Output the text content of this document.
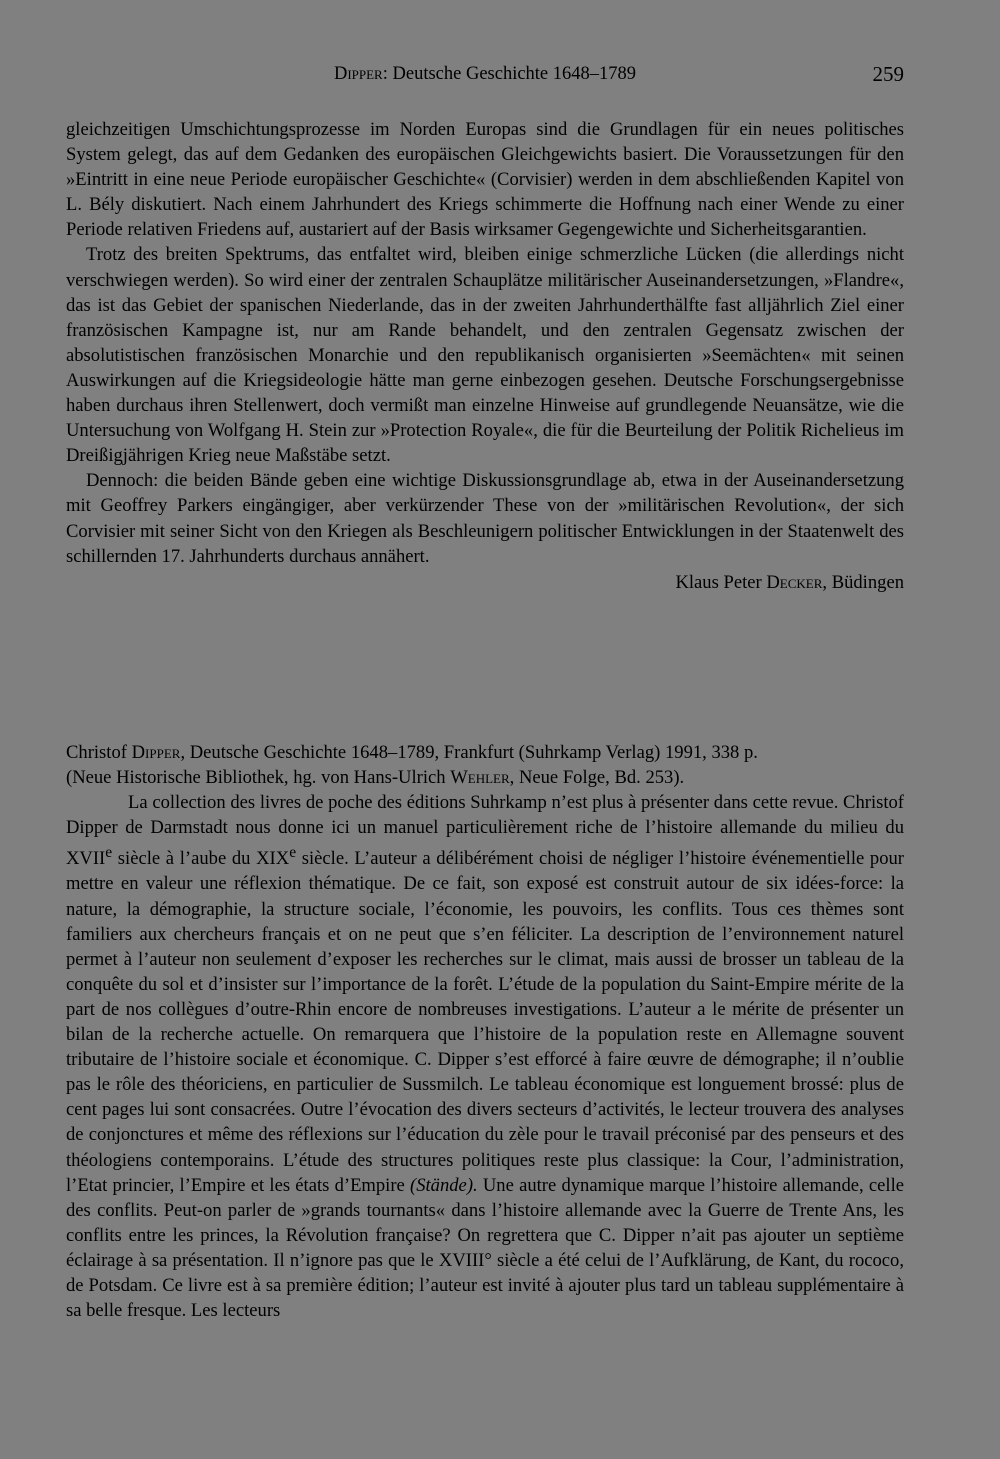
Dipper: Deutsche Geschichte 1648–1789	259

gleichzeitigen Umschichtungsprozesse im Norden Europas sind die Grundlagen für ein neues politisches System gelegt, das auf dem Gedanken des europäischen Gleichgewichts basiert. Die Voraussetzungen für den »Eintritt in eine neue Periode europäischer Geschichte« (Corvisier) werden in dem abschließenden Kapitel von L. Bély diskutiert. Nach einem Jahrhundert des Kriegs schimmerte die Hoffnung nach einer Wende zu einer Periode relativen Friedens auf, austariert auf der Basis wirksamer Gegengewichte und Sicherheitsgarantien.

Trotz des breiten Spektrums, das entfaltet wird, bleiben einige schmerzliche Lücken (die allerdings nicht verschwiegen werden). So wird einer der zentralen Schauplätze militärischer Auseinandersetzungen, »Flandre«, das ist das Gebiet der spanischen Niederlande, das in der zweiten Jahrhunderthälfte fast alljährlich Ziel einer französischen Kampagne ist, nur am Rande behandelt, und den zentralen Gegensatz zwischen der absolutistischen französischen Monarchie und den republikanisch organisierten »Seemächten« mit seinen Auswirkungen auf die Kriegsideologie hätte man gerne einbezogen gesehen. Deutsche Forschungsergebnisse haben durchaus ihren Stellenwert, doch vermißt man einzelne Hinweise auf grundlegende Neuansätze, wie die Untersuchung von Wolfgang H. Stein zur »Protection Royale«, die für die Beurteilung der Politik Richelieus im Dreißigjährigen Krieg neue Maßstäbe setzt.

Dennoch: die beiden Bände geben eine wichtige Diskussionsgrundlage ab, etwa in der Auseinandersetzung mit Geoffrey Parkers eingängiger, aber verkürzender These von der »militärischen Revolution«, der sich Corvisier mit seiner Sicht von den Kriegen als Beschleunigern politischer Entwicklungen in der Staatenwelt des schillernden 17. Jahrhunderts durchaus annähert.

Klaus Peter Decker, Büdingen

Christof Dipper, Deutsche Geschichte 1648–1789, Frankfurt (Suhrkamp Verlag) 1991, 338 p.

(Neue Historische Bibliothek, hg. von Hans-Ulrich Wehler, Neue Folge, Bd. 253).

La collection des livres de poche des éditions Suhrkamp n’est plus à présenter dans cette revue. Christof Dipper de Darmstadt nous donne ici un manuel particulièrement riche de l’histoire allemande du milieu du XVIIe siècle à l’aube du XIXe siècle. L’auteur a délibérément choisi de négliger l’histoire événementielle pour mettre en valeur une réflexion thématique. De ce fait, son exposé est construit autour de six idées-force: la nature, la démographie, la structure sociale, l’économie, les pouvoirs, les conflits. Tous ces thèmes sont familiers aux chercheurs français et on ne peut que s’en féliciter. La description de l’environnement naturel permet à l’auteur non seulement d’exposer les recherches sur le climat, mais aussi de brosser un tableau de la conquête du sol et d’insister sur l’importance de la forêt. L’étude de la population du Saint-Empire mérite de la part de nos collègues d’outre-Rhin encore de nombreuses investigations. L’auteur a le mérite de présenter un bilan de la recherche actuelle. On remarquera que l’histoire de la population reste en Allemagne souvent tributaire de l’histoire sociale et économique. C. Dipper s’est efforcé à faire œuvre de démographe; il n’oublie pas le rôle des théoriciens, en particulier de Sussmilch. Le tableau économique est longuement brossé: plus de cent pages lui sont consacrées. Outre l’évocation des divers secteurs d’activités, le lecteur trouvera des analyses de conjonctures et même des réflexions sur l’éducation du zèle pour le travail préconisé par des penseurs et des théologiens contemporains. L’étude des structures politiques reste plus classique: la Cour, l’administration, l’Etat princier, l’Empire et les états d’Empire (Stände). Une autre dynamique marque l’histoire allemande, celle des conflits. Peut-on parler de »grands tournants« dans l’histoire allemande avec la Guerre de Trente Ans, les conflits entre les princes, la Révolution française? On regrettera que C. Dipper n’ait pas ajouter un septième éclairage à sa présentation. Il n’ignore pas que le XVIII° siècle a été celui de l’Aufklärung, de Kant, du rococo, de Potsdam. Ce livre est à sa première édition; l’auteur est invité à ajouter plus tard un tableau supplémentaire à sa belle fresque. Les lecteurs
